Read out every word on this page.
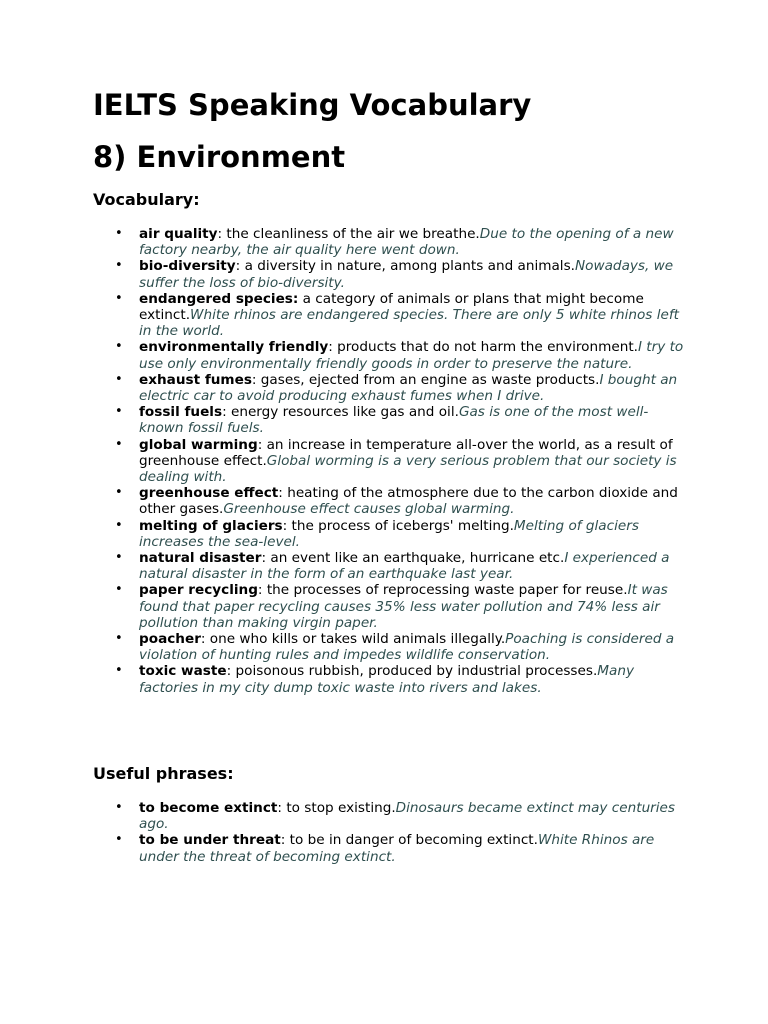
IELTS Speaking Vocabulary
8) Environment
Vocabulary:
• air quality: the cleanliness of the air we breathe.Due to the opening of a new factory nearby, the air quality here went down.
• bio-diversity: a diversity in nature, among plants and animals.Nowadays, we suffer the loss of bio-diversity.
• endangered species: a category of animals or plans that might become extinct.White rhinos are endangered species. There are only 5 white rhinos left in the world.
• environmentally friendly: products that do not harm the environment.I try to use only environmentally friendly goods in order to preserve the nature.
• exhaust fumes: gases, ejected from an engine as waste products.I bought an electric car to avoid producing exhaust fumes when I drive.
• fossil fuels: energy resources like gas and oil.Gas is one of the most well-known fossil fuels.
• global warming: an increase in temperature all-over the world, as a result of greenhouse effect.Global worming is a very serious problem that our society is dealing with.
• greenhouse effect: heating of the atmosphere due to the carbon dioxide and other gases.Greenhouse effect causes global warming.
• melting of glaciers: the process of icebergs' melting.Melting of glaciers increases the sea-level.
• natural disaster: an event like an earthquake, hurricane etc.I experienced a natural disaster in the form of an earthquake last year.
• paper recycling: the processes of reprocessing waste paper for reuse.It was found that paper recycling causes 35% less water pollution and 74% less air pollution than making virgin paper.
• poacher: one who kills or takes wild animals illegally.Poaching is considered a violation of hunting rules and impedes wildlife conservation.
• toxic waste: poisonous rubbish, produced by industrial processes.Many factories in my city dump toxic waste into rivers and lakes.
Useful phrases:
• to become extinct: to stop existing.Dinosaurs became extinct may centuries ago.
• to be under threat: to be in danger of becoming extinct.White Rhinos are under the threat of becoming extinct.
